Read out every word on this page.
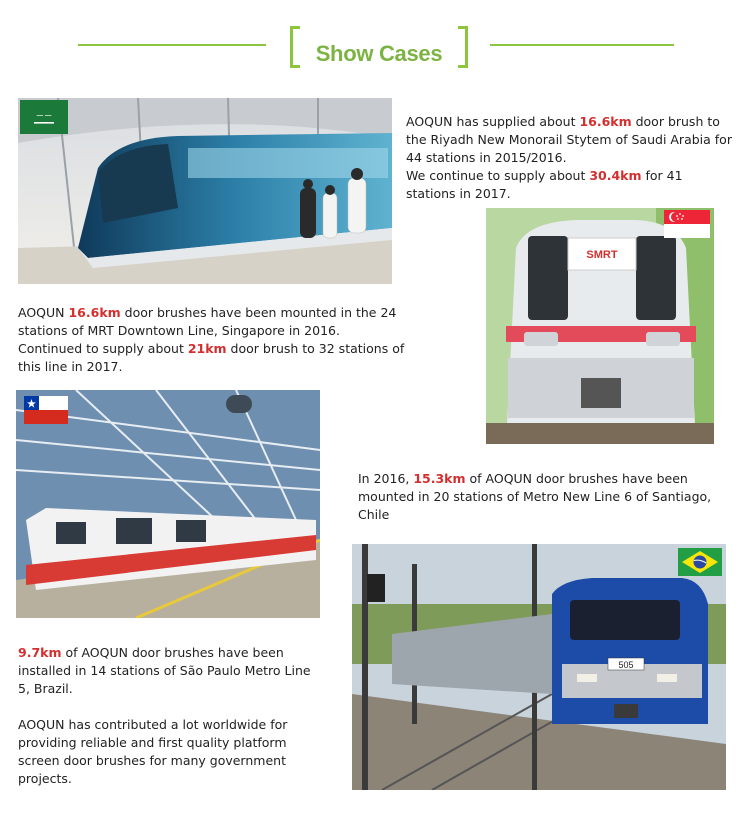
Show Cases
ـــ ـــ	AOQUN has supplied about 16.6km door brush to the Riyadh New Monorail Stytem of Saudi Arabia for 44 stations in 2015/2016.
We continue to supply about 30.4km for 41 stations in 2017.
SMRT
AOQUN 16.6km door brushes have been mounted in the 24 stations of MRT Downtown Line, Singapore in 2016.
Continued to supply about 21km door brush to 32 stations of this line in 2017.
In 2016, 15.3km of AOQUN door brushes have been mounted in 20 stations of Metro New Line 6 of Santiago, Chile
505
9.7km of AOQUN door brushes have been installed in 14 stations of São Paulo Metro Line 5, Brazil.
AOQUN has contributed a lot worldwide for providing reliable and first quality platform screen door brushes for many government projects.
